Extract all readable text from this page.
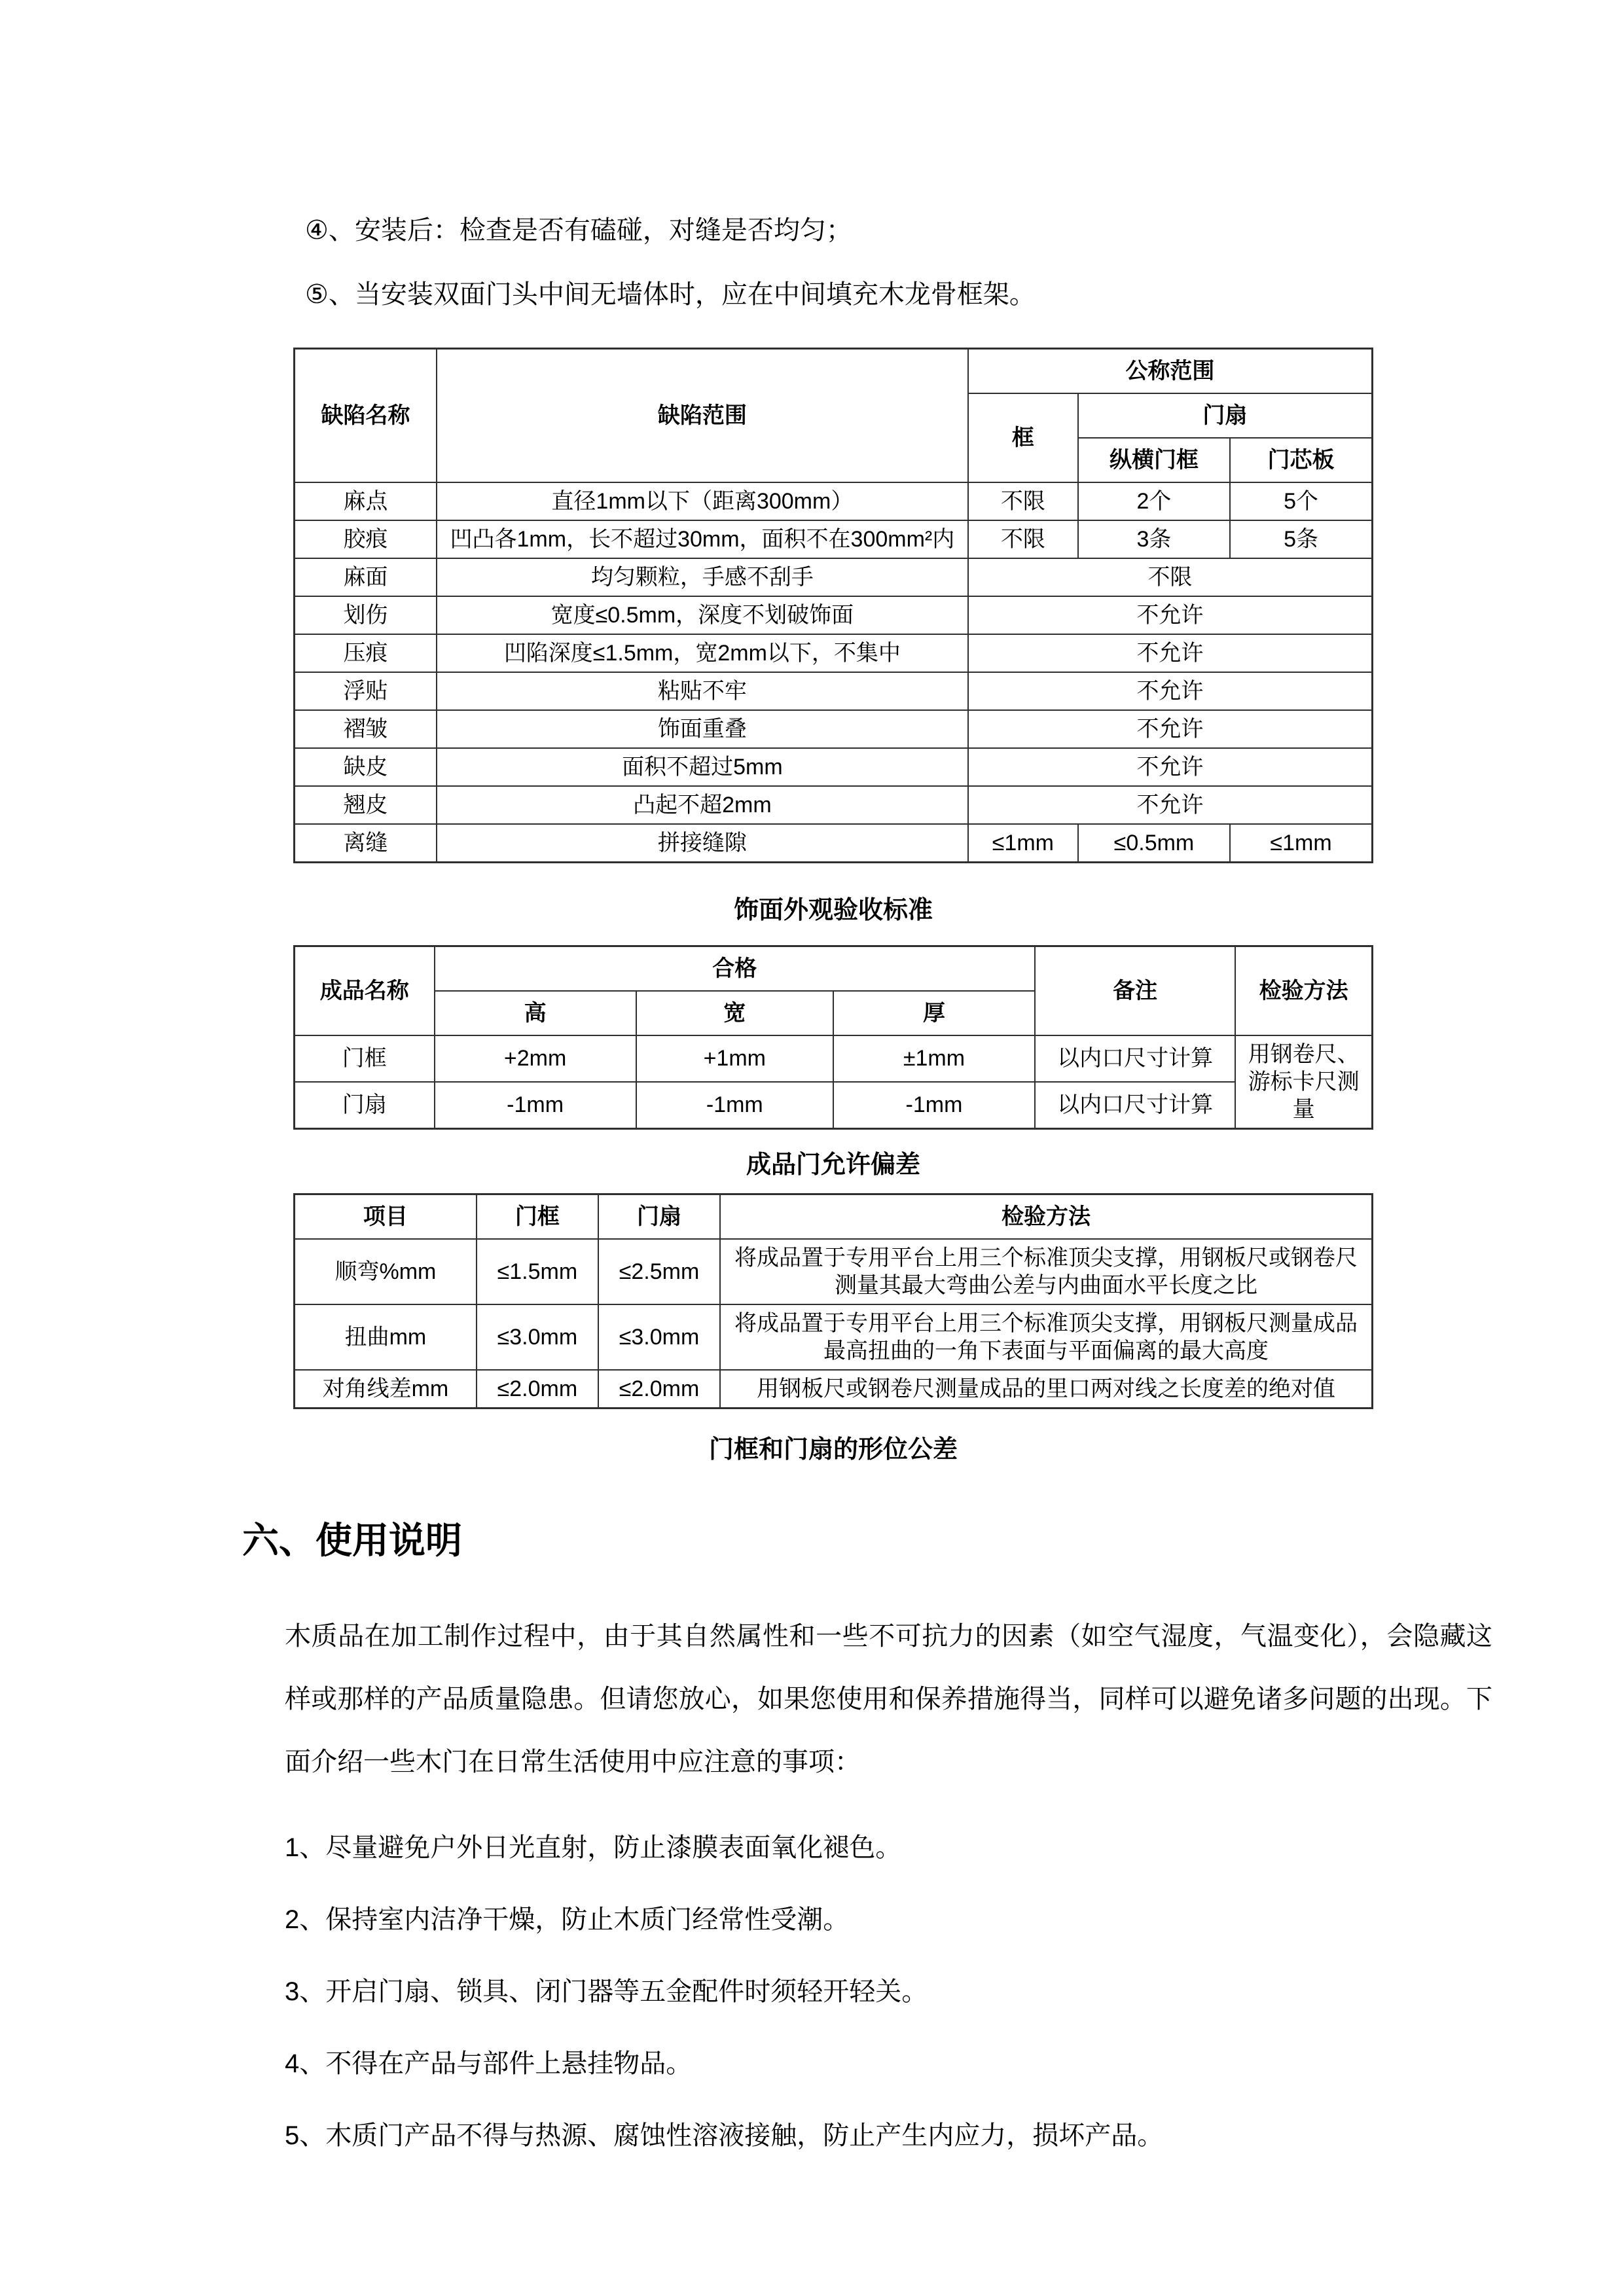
④、安装后：检查是否有磕碰，对缝是否均匀；

⑤、当安装双面门头中间无墙体时，应在中间填充木龙骨框架。

缺陷名称	缺陷范围	公称范围		
		框	门扇	
			纵横门框	门芯板
麻点	直径1mm以下（距离300mm）	不限	2个	5个
胶痕	凹凸各1mm，长不超过30mm，面积不在300mm²内	不限	3条	5条
麻面	均匀颗粒，手感不刮手	不限		
划伤	宽度≤0.5mm，深度不划破饰面	不允许		
压痕	凹陷深度≤1.5mm，宽2mm以下，不集中	不允许		
浮贴	粘贴不牢	不允许		
褶皱	饰面重叠	不允许		
缺皮	面积不超过5mm	不允许		
翘皮	凸起不超2mm	不允许		
离缝	拼接缝隙	≤1mm	≤0.5mm	≤1mm
饰面外观验收标准
成品名称	合格			备注	检验方法
	高	宽	厚		
门框	+2mm	+1mm	±1mm	以内口尺寸计算	用钢卷尺、游标卡尺测量
门扇	-1mm	-1mm	-1mm	以内口尺寸计算	
成品门允许偏差
项目	门框	门扇	检验方法
顺弯%mm	≤1.5mm	≤2.5mm	将成品置于专用平台上用三个标准顶尖支撑，用钢板尺或钢卷尺测量其最大弯曲公差与内曲面水平长度之比
扭曲mm	≤3.0mm	≤3.0mm	将成品置于专用平台上用三个标准顶尖支撑，用钢板尺测量成品最高扭曲的一角下表面与平面偏离的最大高度
对角线差mm	≤2.0mm	≤2.0mm	用钢板尺或钢卷尺测量成品的里口两对线之长度差的绝对值
门框和门扇的形位公差
六、使用说明

木质品在加工制作过程中，由于其自然属性和一些不可抗力的因素（如空气湿度，气温变化），会隐藏这样或那样的产品质量隐患。但请您放心，如果您使用和保养措施得当，同样可以避免诸多问题的出现。下面介绍一些木门在日常生活使用中应注意的事项：

1、尽量避免户外日光直射，防止漆膜表面氧化褪色。

2、保持室内洁净干燥，防止木质门经常性受潮。

3、开启门扇、锁具、闭门器等五金配件时须轻开轻关。

4、不得在产品与部件上悬挂物品。

5、木质门产品不得与热源、腐蚀性溶液接触，防止产生内应力，损坏产品。
